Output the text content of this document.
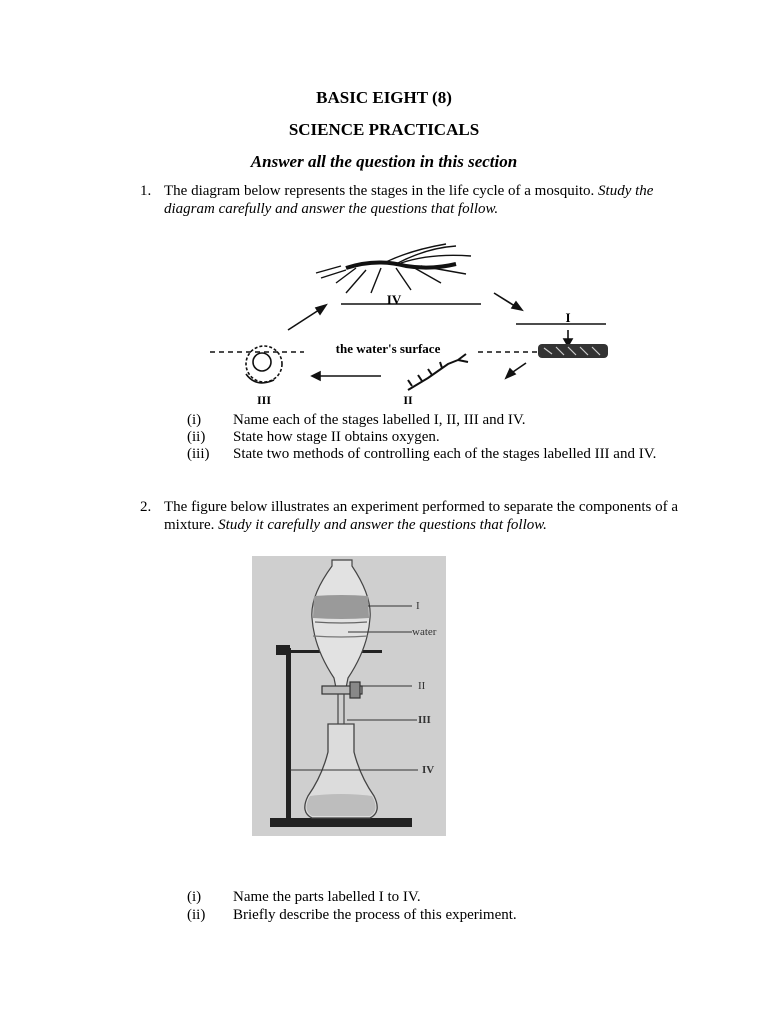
BASIC EIGHT (8)
SCIENCE PRACTICALS
Answer all the question in this section
1. The diagram below represents the stages in the life cycle of a mosquito. Study the diagram carefully and answer the questions that follow.
IV
I
the water's surface
III	II
(i)	Name each of the stages labelled I, II, III and IV.
(ii)	State how stage II obtains oxygen.
(iii)	State two methods of controlling each of the stages labelled III and IV.
2. The figure below illustrates an experiment performed to separate the components of a mixture. Study it carefully and answer the questions that follow.
I
water
II
III
IV
(i)	Name the parts labelled I to IV.
(ii)	Briefly describe the process of this experiment.
